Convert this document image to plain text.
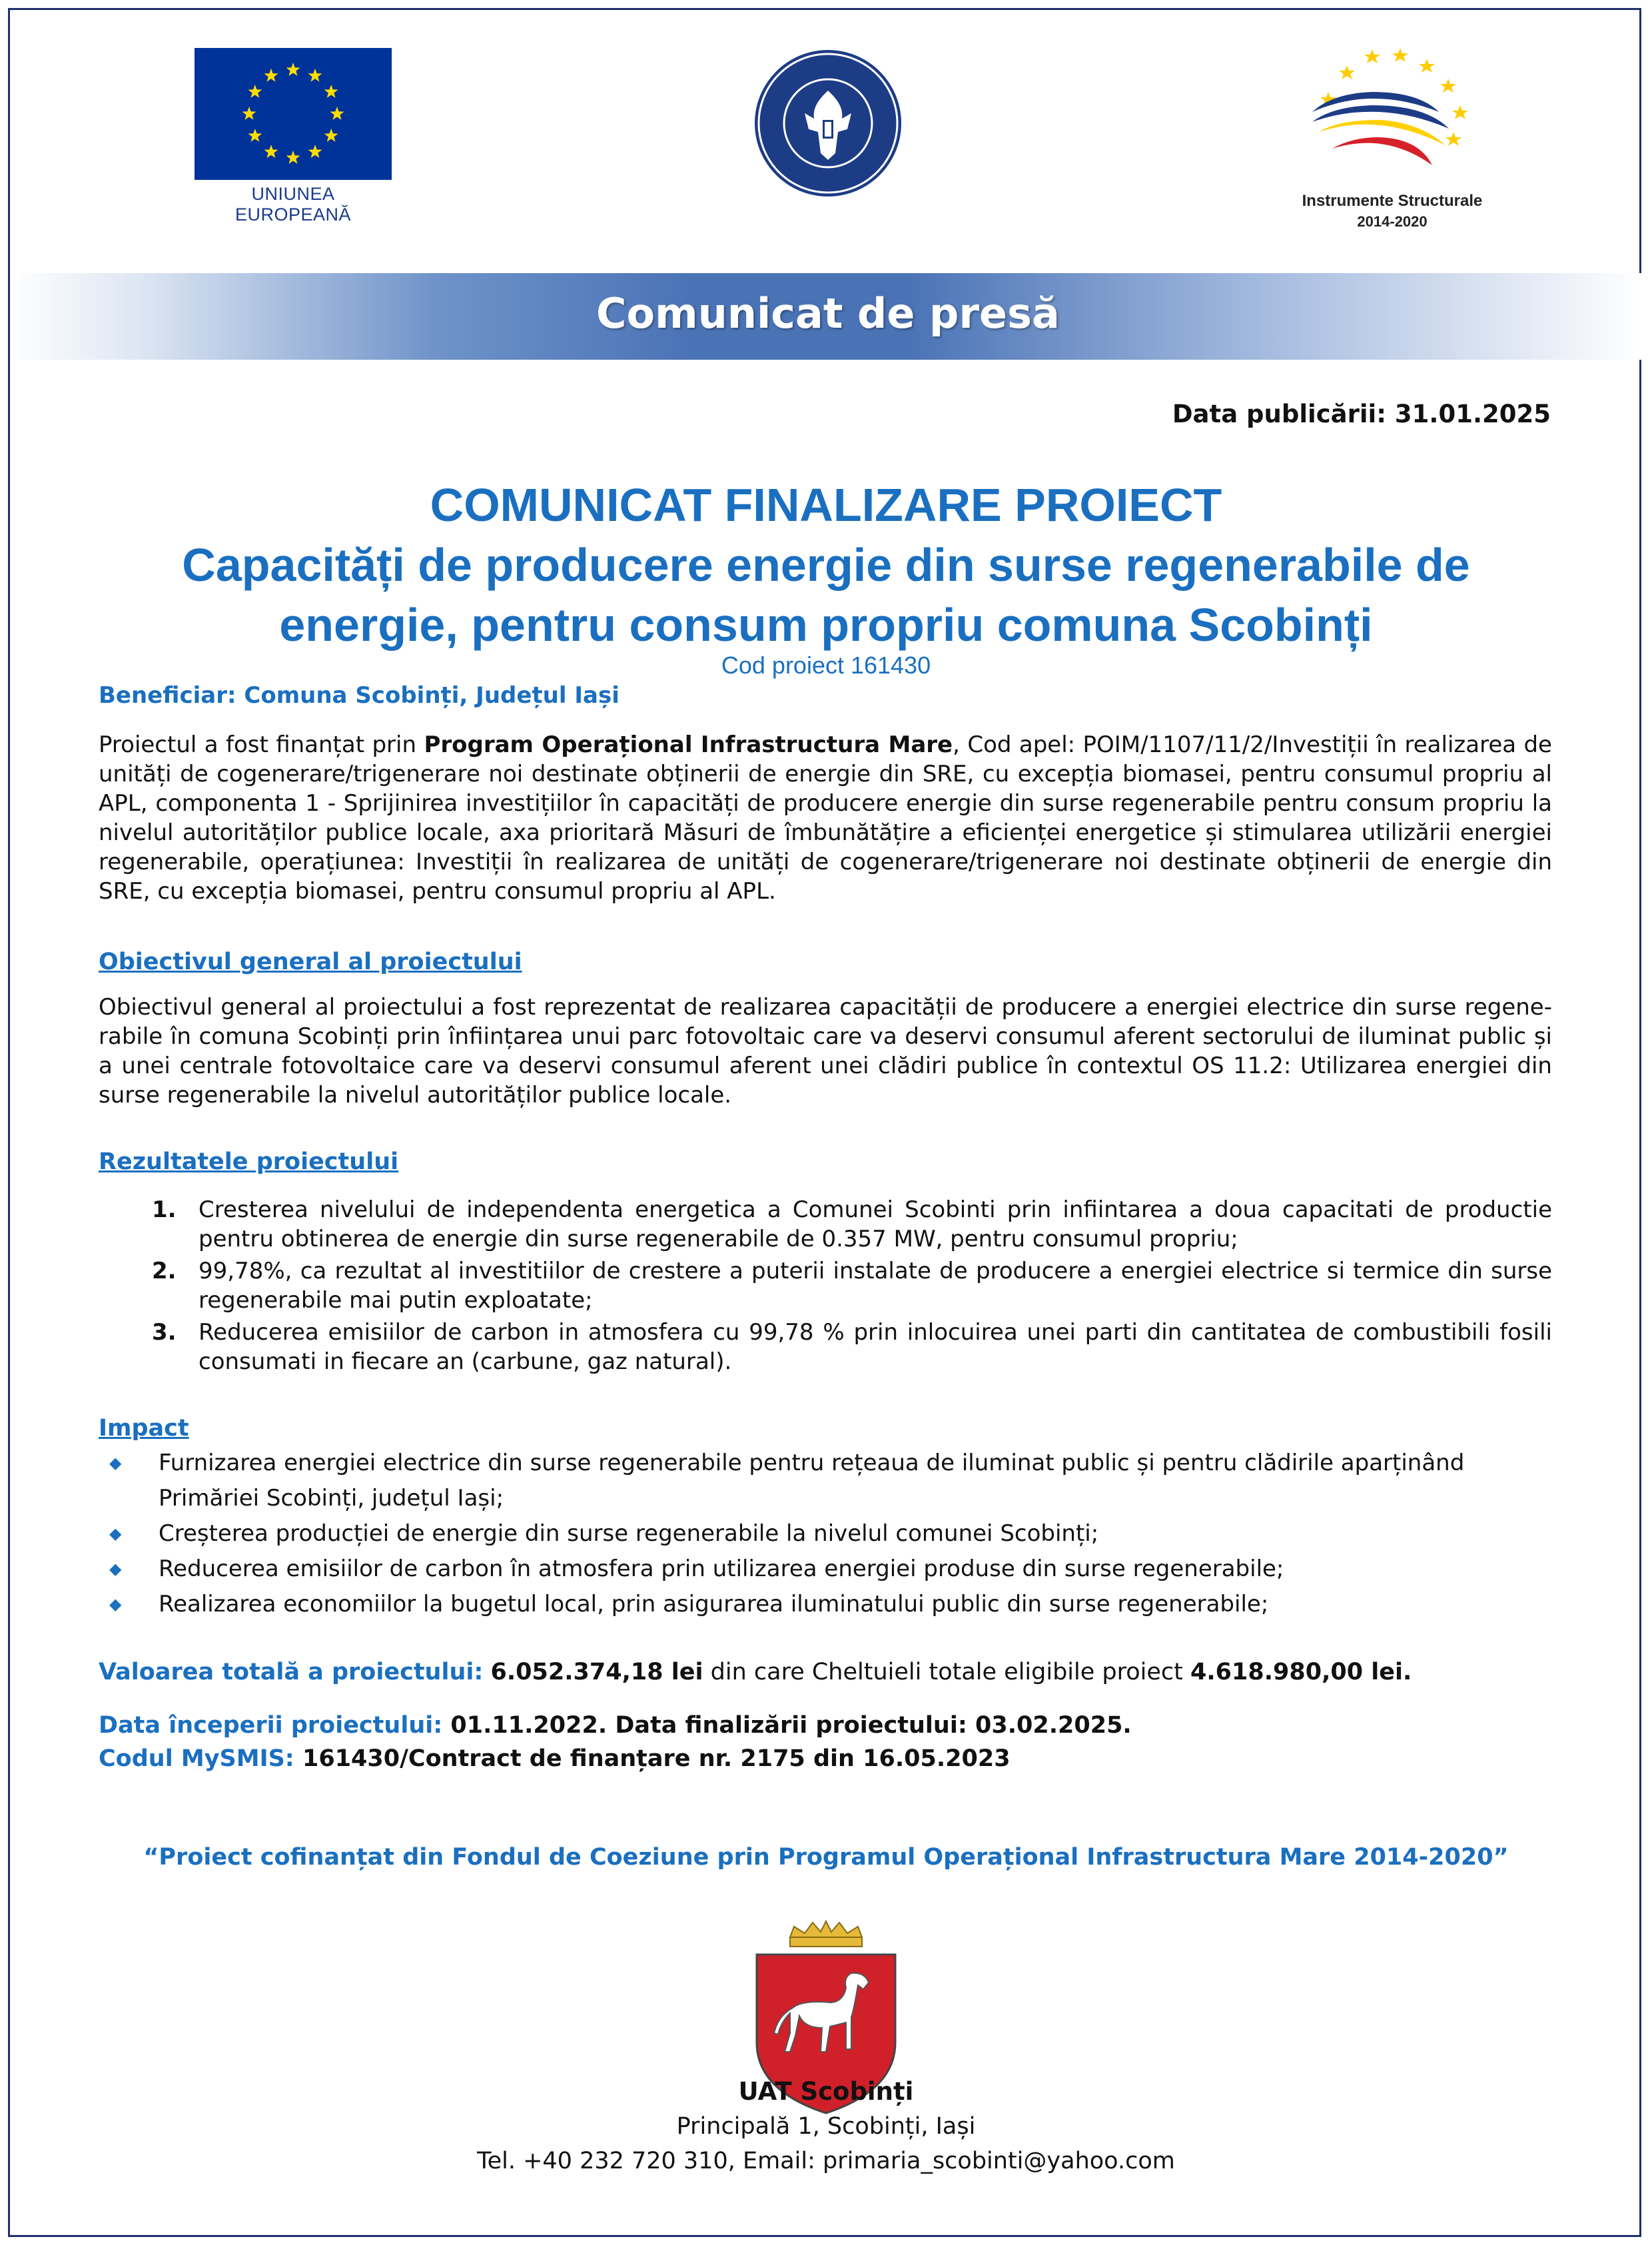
UNIUNEA EUROPEANĂ
Instrumente Structurale
2014-2020
Comunicat de presă
Data publicării: 31.01.2025
COMUNICAT FINALIZARE PROIECT
Capacități de producere energie din surse regenerabile de
energie, pentru consum propriu comuna Scobinți
Cod proiect 161430
Beneficiar: Comuna Scobinți, Județul Iași
Proiectul a fost finanțat prin Program Operațional Infrastructura Mare, Cod apel: POIM/1107/11/2/Investiții în realizarea de unități de cogenerare/trigenerare noi destinate obținerii de energie din SRE, cu excepția biomasei, pentru consumul propriu al APL, componenta 1 - Sprijinirea investițiilor în capacități de producere energie din surse regenerabile pentru consum propriu la nivelul autorităților publice locale, axa prioritară Măsuri de îmbunătățire a eficienței energetice și stimularea utilizării energiei regenerabile, operațiunea: Investiții în realizarea de unități de cogenerare/trigenerare noi destinate obținerii de energie din SRE, cu excepția biomasei, pentru consumul propriu al APL.
Obiectivul general al proiectului
Obiectivul general al proiectului a fost reprezentat de realizarea capacității de producere a energiei electrice din surse regene-rabile în comuna Scobinți prin înființarea unui parc fotovoltaic care va deservi consumul aferent sectorului de iluminat public și a unei centrale fotovoltaice care va deservi consumul aferent unei clădiri publice în contextul OS 11.2: Utilizarea energiei din surse regenerabile la nivelul autorităților publice locale.
Rezultatele proiectului
1. Cresterea nivelului de independenta energetica a Comunei Scobinti prin infiintarea a doua capacitati de productie pentru obtinerea de energie din surse regenerabile de 0.357 MW, pentru consumul propriu;
2. 99,78%, ca rezultat al investitiilor de crestere a puterii instalate de producere a energiei electrice si termice din surse regenerabile mai putin exploatate;
3. Reducerea emisiilor de carbon in atmosfera cu 99,78 % prin inlocuirea unei parti din cantitatea de combustibili fosili consumati in fiecare an (carbune, gaz natural).
Impact
◆ Furnizarea energiei electrice din surse regenerabile pentru rețeaua de iluminat public și pentru clădirile aparținând Primăriei Scobinți, județul Iași;
◆ Creșterea producției de energie din surse regenerabile la nivelul comunei Scobinți;
◆ Reducerea emisiilor de carbon în atmosfera prin utilizarea energiei produse din surse regenerabile;
◆ Realizarea economiilor la bugetul local, prin asigurarea iluminatului public din surse regenerabile;
Valoarea totală a proiectului: 6.052.374,18 lei din care Cheltuieli totale eligibile proiect 4.618.980,00 lei.
Data începerii proiectului: 01.11.2022. Data finalizării proiectului: 03.02.2025.
Codul MySMIS: 161430/Contract de finanțare nr. 2175 din 16.05.2023
“Proiect cofinanțat din Fondul de Coeziune prin Programul Operațional Infrastructura Mare 2014-2020”
UAT Scobinți
Principală 1, Scobinți, Iași
Tel. +40 232 720 310, Email: primaria_scobinti@yahoo.com
